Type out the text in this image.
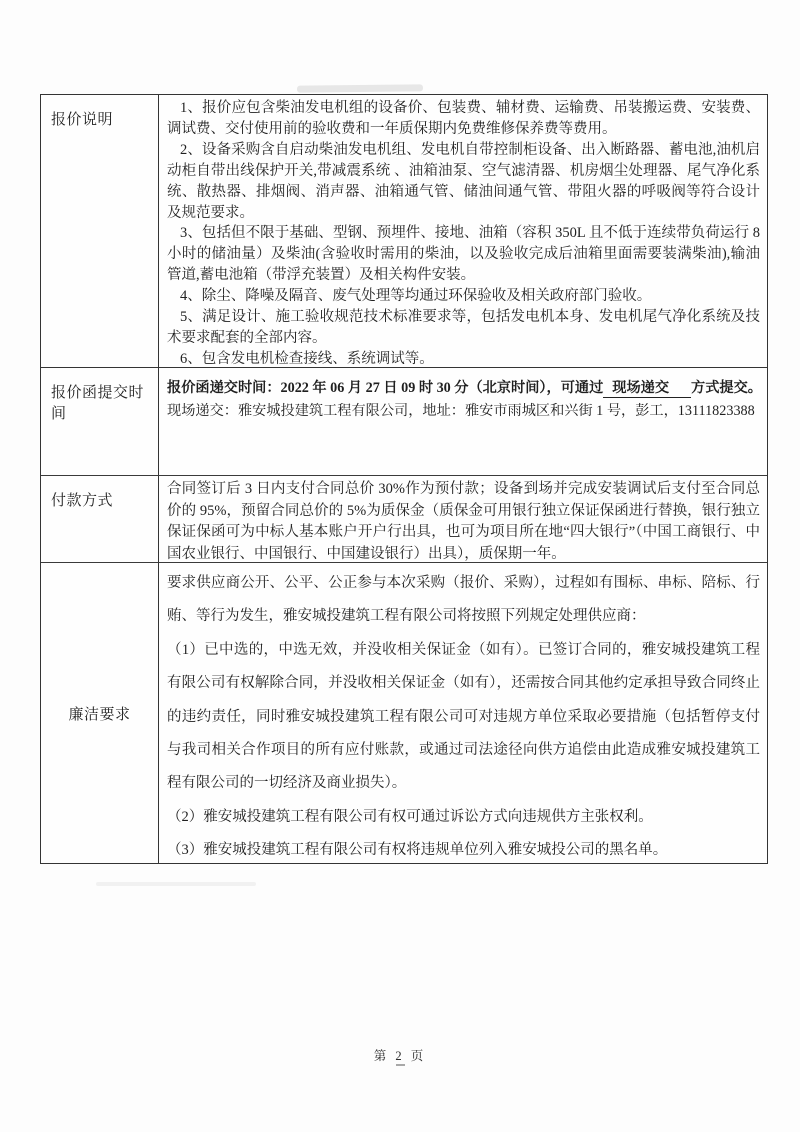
报价说明

1、报价应包含柴油发电机组的设备价、包装费、辅材费、运输费、吊装搬运费、安装费、调试费、交付使用前的验收费和一年质保期内免费维修保养费等费用。

2、设备采购含自启动柴油发电机组、发电机自带控制柜设备、出入断路器、蓄电池,油机启动柜自带出线保护开关,带减震系统 、油箱油泵、空气滤清器、机房烟尘处理器、尾气净化系统、散热器、排烟阀、消声器、油箱通气管、储油间通气管、带阻火器的呼吸阀等符合设计及规范要求。

3、包括但不限于基础、型钢、预埋件、接地、油箱（容积 350L 且不低于连续带负荷运行 8 小时的储油量）及柴油(含验收时需用的柴油，以及验收完成后油箱里面需要装满柴油),输油管道,蓄电池箱（带浮充装置）及相关构件安装。

4、除尘、降噪及隔音、废气处理等均通过环保验收及相关政府部门验收。

5、满足设计、施工验收规范技术标准要求等，包括发电机本身、发电机尾气净化系统及技术要求配套的全部内容。

6、包含发电机检查接线、系统调试等。

报价函提交时间

报价函递交时间：2022 年 06 月 27 日 09 时 30 分（北京时间），可通过 现场递交 方式提交。

现场递交：雅安城投建筑工程有限公司，地址：雅安市雨城区和兴街 1 号，彭工，13111823388

付款方式

合同签订后 3 日内支付合同总价 30%作为预付款；设备到场并完成安装调试后支付至合同总价的 95%，预留合同总价的 5%为质保金（质保金可用银行独立保证保函进行替换，银行独立保证保函可为中标人基本账户开户行出具，也可为项目所在地“四大银行”（中国工商银行、中国农业银行、中国银行、中国建设银行）出具），质保期一年。

廉洁要求

要求供应商公开、公平、公正参与本次采购（报价、采购），过程如有围标、串标、陪标、行贿、等行为发生，雅安城投建筑工程有限公司将按照下列规定处理供应商：

（1）已中选的，中选无效，并没收相关保证金（如有）。已签订合同的，雅安城投建筑工程有限公司有权解除合同，并没收相关保证金（如有），还需按合同其他约定承担导致合同终止的违约责任，同时雅安城投建筑工程有限公司可对违规方单位采取必要措施（包括暂停支付与我司相关合作项目的所有应付账款，或通过司法途径向供方追偿由此造成雅安城投建筑工程有限公司的一切经济及商业损失）。

（2）雅安城投建筑工程有限公司有权可通过诉讼方式向违规供方主张权利。

（3）雅安城投建筑工程有限公司有权将违规单位列入雅安城投公司的黑名单。

第 2 页
